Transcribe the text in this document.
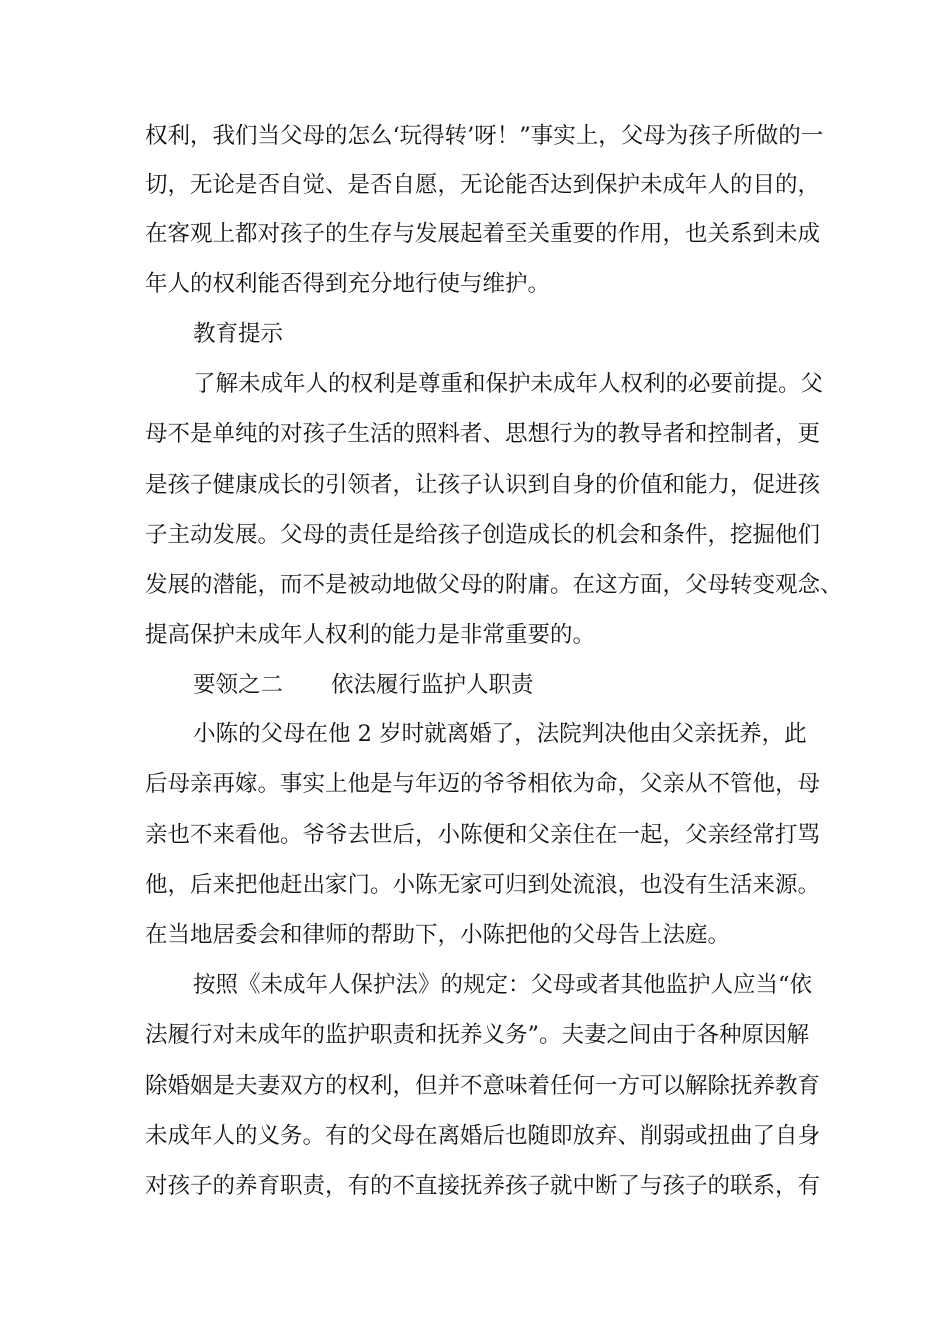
权利，我们当父母的怎么‘玩得转’呀！”事实上，父母为孩子所做的一
切，无论是否自觉、是否自愿，无论能否达到保护未成年人的目的，
在客观上都对孩子的生存与发展起着至关重要的作用，也关系到未成
年人的权利能否得到充分地行使与维护。
教育提示
了解未成年人的权利是尊重和保护未成年人权利的必要前提。父
母不是单纯的对孩子生活的照料者、思想行为的教导者和控制者，更
是孩子健康成长的引领者，让孩子认识到自身的价值和能力，促进孩
子主动发展。父母的责任是给孩子创造成长的机会和条件，挖掘他们
发展的潜能，而不是被动地做父母的附庸。在这方面，父母转变观念、
提高保护未成年人权利的能力是非常重要的。
要领之二 依法履行监护人职责
小陈的父母在他 2 岁时就离婚了，法院判决他由父亲抚养，此
后母亲再嫁。事实上他是与年迈的爷爷相依为命，父亲从不管他，母
亲也不来看他。爷爷去世后，小陈便和父亲住在一起，父亲经常打骂
他，后来把他赶出家门。小陈无家可归到处流浪，也没有生活来源。
在当地居委会和律师的帮助下，小陈把他的父母告上法庭。
按照《未成年人保护法》的规定：父母或者其他监护人应当“依
法履行对未成年的监护职责和抚养义务”。夫妻之间由于各种原因解
除婚姻是夫妻双方的权利，但并不意味着任何一方可以解除抚养教育
未成年人的义务。有的父母在离婚后也随即放弃、削弱或扭曲了自身
对孩子的养育职责，有的不直接抚养孩子就中断了与孩子的联系，有
